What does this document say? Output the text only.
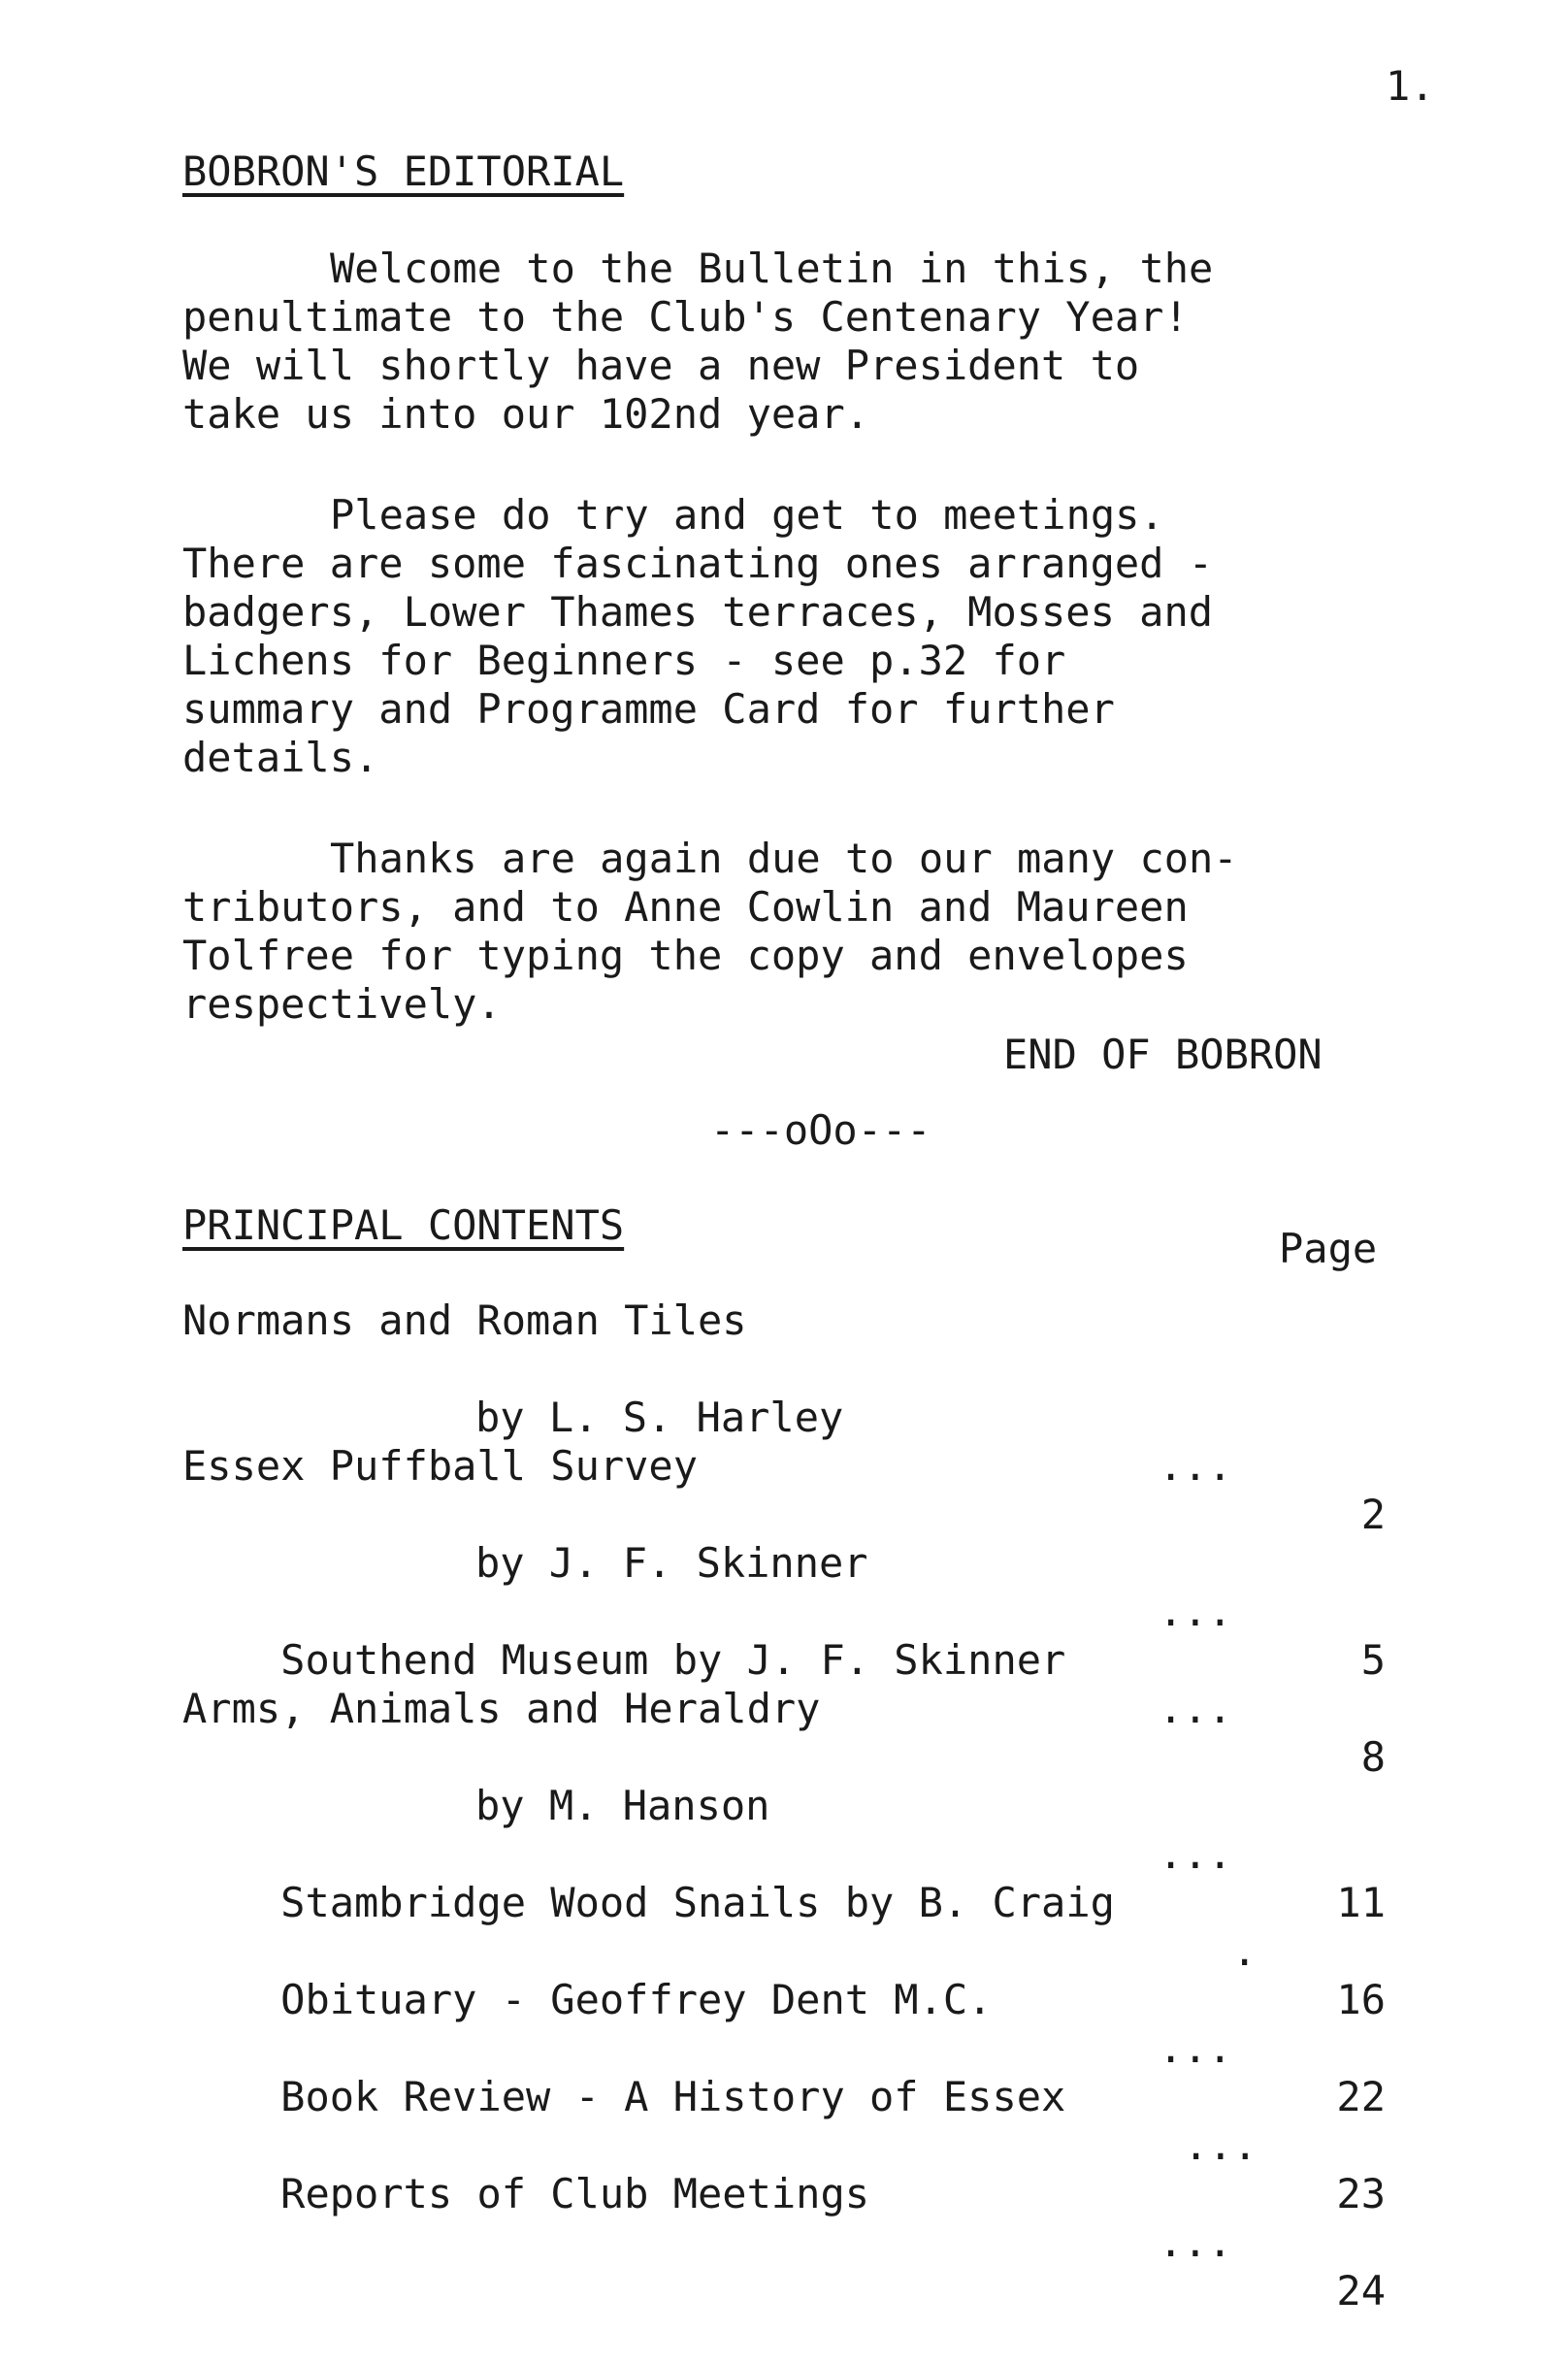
1.
BOBRON'S EDITORIAL

Welcome to the Bulletin in this, the
penultimate to the Club's Centenary Year!
We will shortly have a new President to
take us into our 102nd year.

Please do try and get to meetings.
There are some fascinating ones arranged -
badgers, Lower Thames terraces, Mosses and
Lichens for Beginners - see p.32 for
summary and Programme Card for further
details.

Thanks are again due to our many con-
tributors, and to Anne Cowlin and Maureen
Tolfree for typing the copy and envelopes
respectively.

END OF BOBRON
---oOo---
PRINCIPAL CONTENTS	Page
Normans and Roman Tiles

by L. S. Harley

...

2

Essex Puffball Survey

by J. F. Skinner

...

5

Southend Museum by J. F. Skinner

...

8

Arms, Animals and Heraldry

by M. Hanson

...

11

Stambridge Wood Snails by B. Craig

.

16

Obituary - Geoffrey Dent M.C.

...

22

Book Review - A History of Essex

...

23

Reports of Club Meetings

...

24
